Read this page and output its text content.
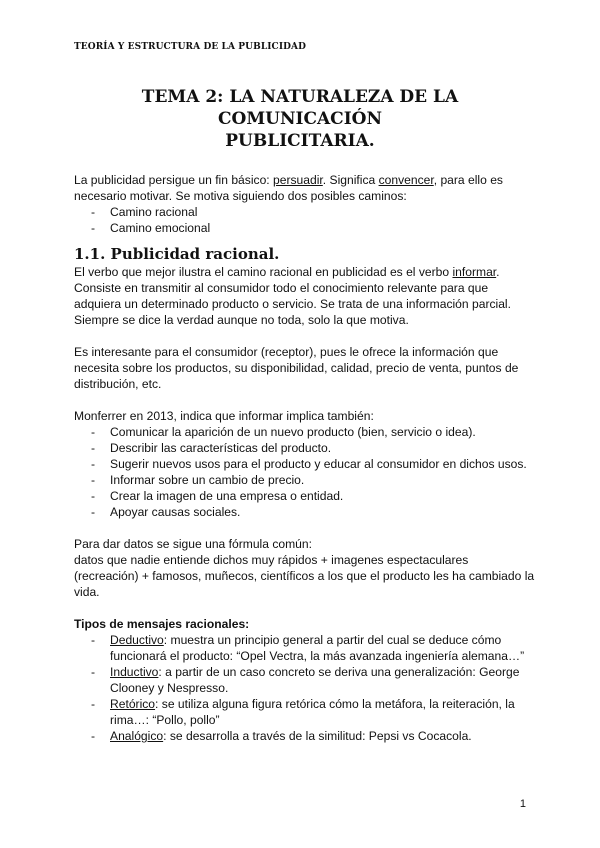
TEORÍA Y ESTRUCTURA DE LA PUBLICIDAD
TEMA 2: LA NATURALEZA DE LA COMUNICACIÓN
PUBLICITARIA.

La publicidad persigue un fin básico: persuadir. Significa convencer, para ello es necesario motivar. Se motiva siguiendo dos posibles caminos:

- Camino racional
- Camino emocional
1.1. Publicidad racional.

El verbo que mejor ilustra el camino racional en publicidad es el verbo informar. Consiste en transmitir al consumidor todo el conocimiento relevante para que adquiera un determinado producto o servicio. Se trata de una información parcial. Siempre se dice la verdad aunque no toda, solo la que motiva.

Es interesante para el consumidor (receptor), pues le ofrece la información que necesita sobre los productos, su disponibilidad, calidad, precio de venta, puntos de distribución, etc.

Monferrer en 2013, indica que informar implica también:

- Comunicar la aparición de un nuevo producto (bien, servicio o idea).
- Describir las características del producto.
- Sugerir nuevos usos para el producto y educar al consumidor en dichos usos.
- Informar sobre un cambio de precio.
- Crear la imagen de una empresa o entidad.
- Apoyar causas sociales.

Para dar datos se sigue una fórmula común:

datos que nadie entiende dichos muy rápidos + imagenes espectaculares (recreación) + famosos, muñecos, científicos a los que el producto les ha cambiado la vida.

Tipos de mensajes racionales:

- Deductivo: muestra un principio general a partir del cual se deduce cómo funcionará el producto: “Opel Vectra, la más avanzada ingeniería alemana…”
- Inductivo: a partir de un caso concreto se deriva una generalización: George Clooney y Nespresso.
- Retórico: se utiliza alguna figura retórica cómo la metáfora, la reiteración, la rima…: “Pollo, pollo”
- Analógico: se desarrolla a través de la similitud: Pepsi vs Cocacola.
1
